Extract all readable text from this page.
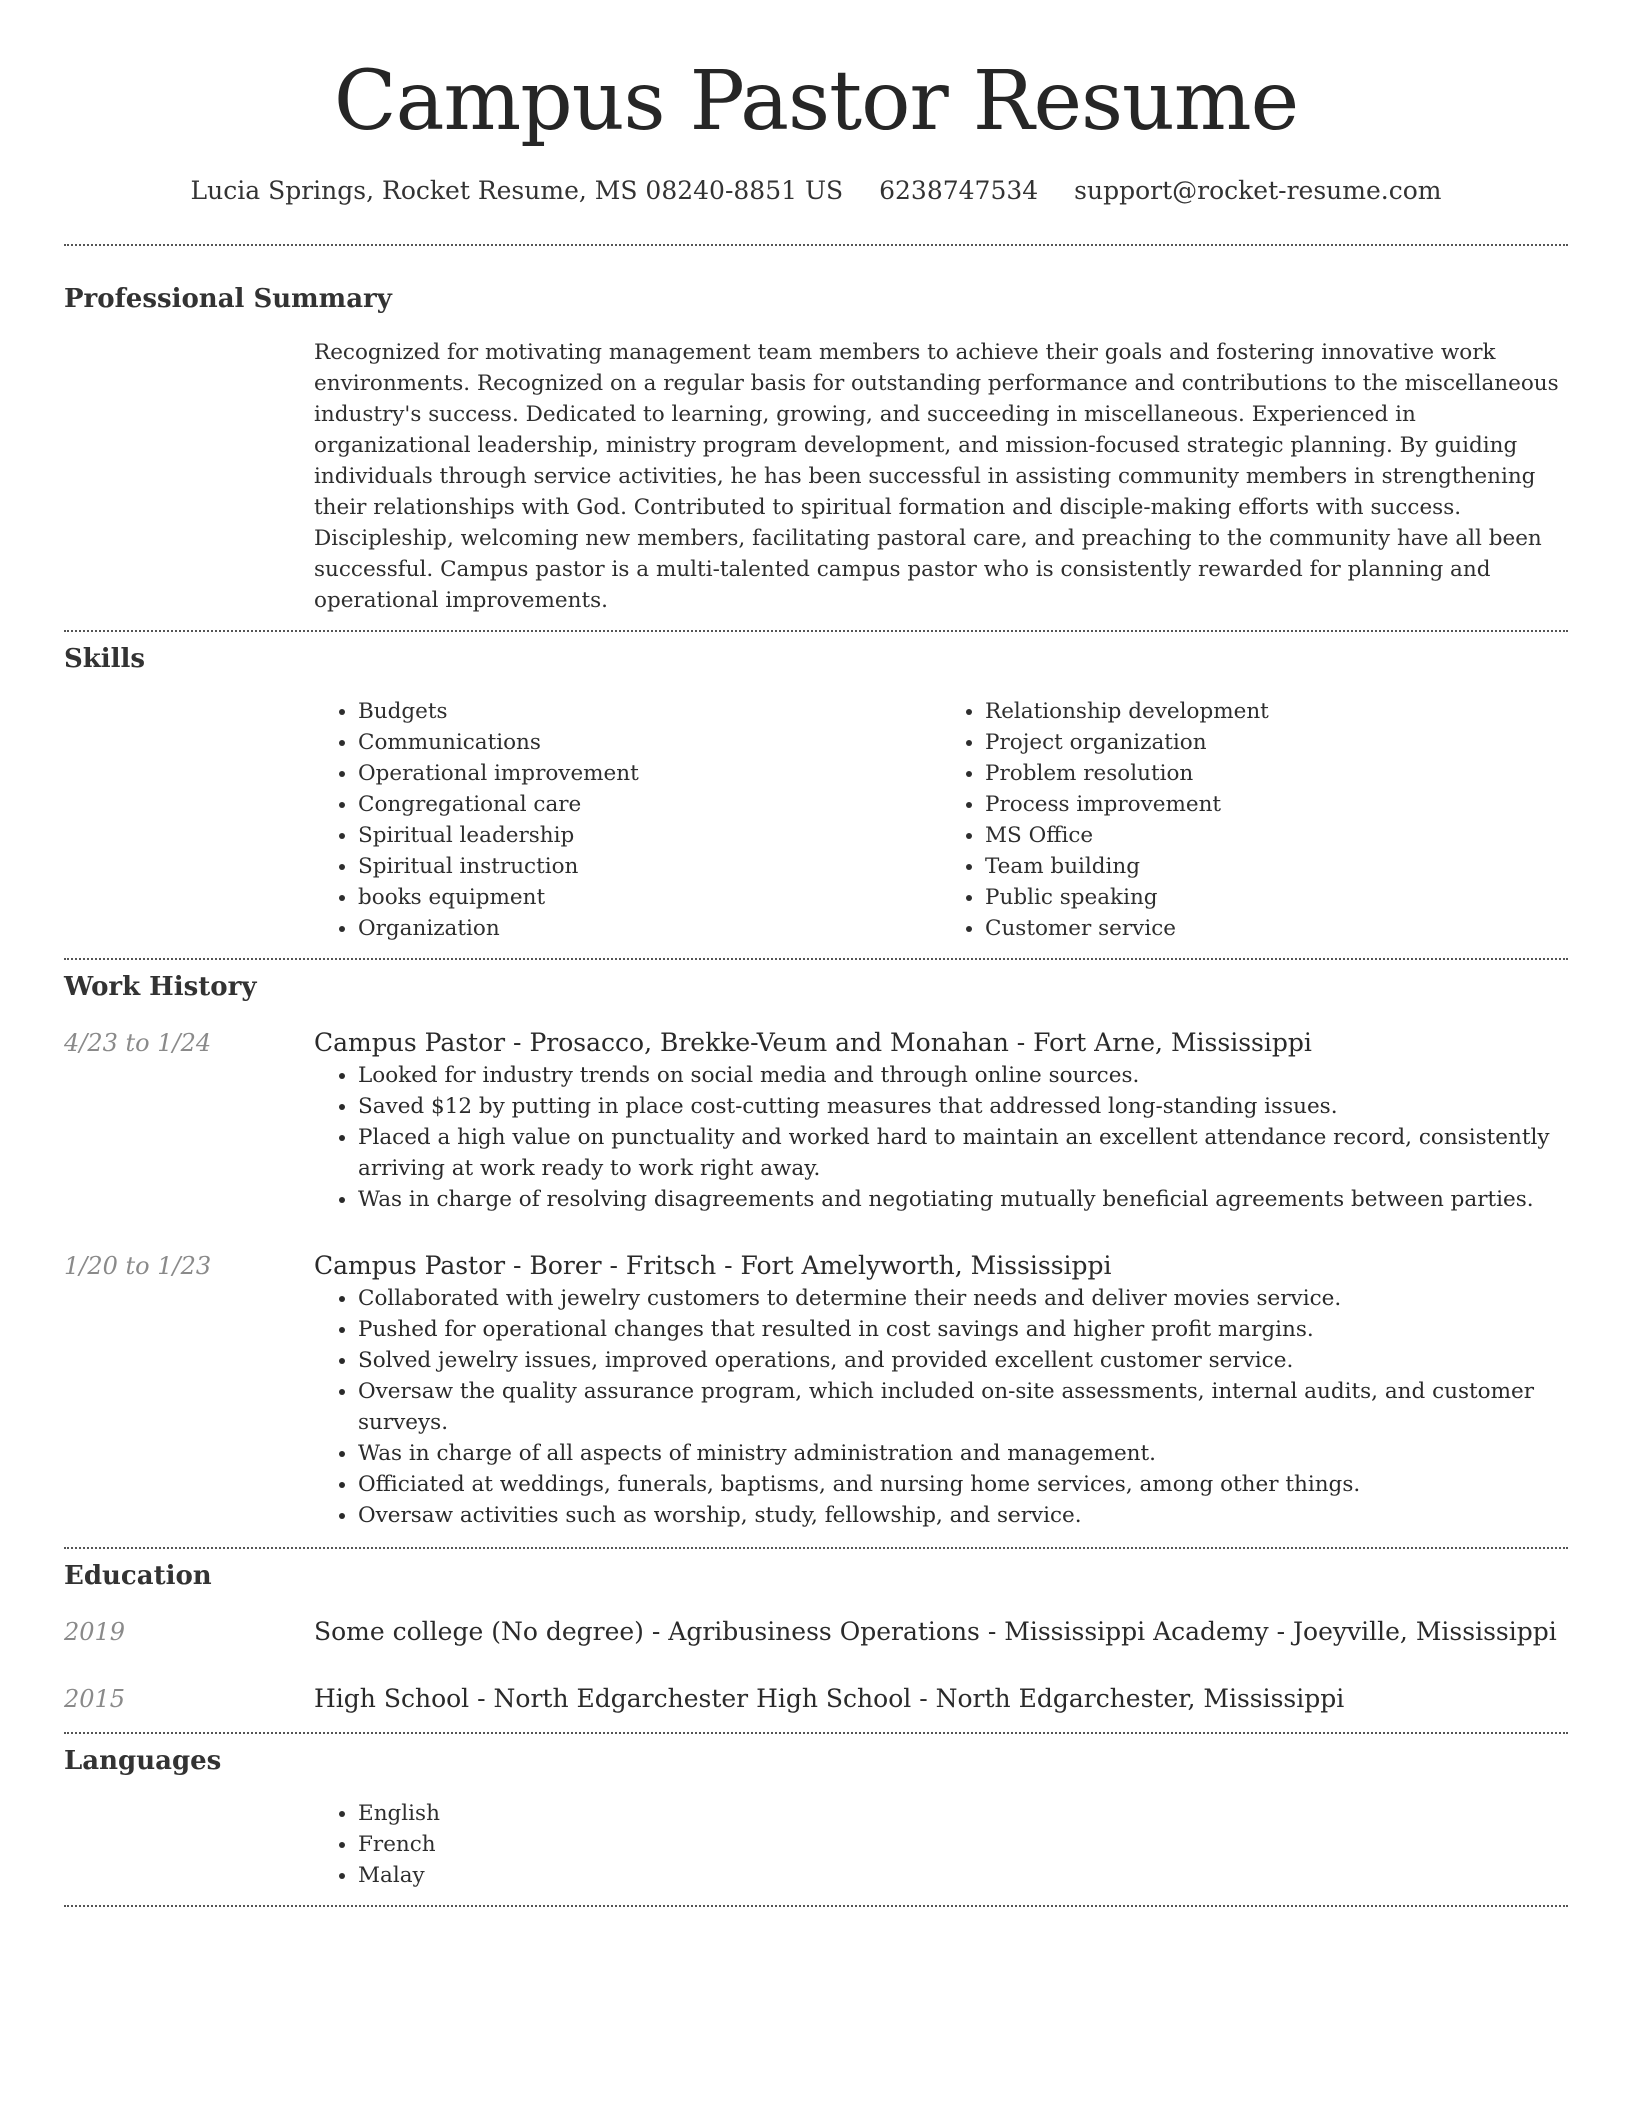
Campus Pastor Resume
Lucia Springs, Rocket Resume, MS 08240-8851 US 6238747534 support@rocket-resume.com
Professional Summary

Recognized for motivating management team members to achieve their goals and fostering innovative work environments. Recognized on a regular basis for outstanding performance and contributions to the miscellaneous industry's success. Dedicated to learning, growing, and succeeding in miscellaneous. Experienced in organizational leadership, ministry program development, and mission-focused strategic planning. By guiding individuals through service activities, he has been successful in assisting community members in strengthening their relationships with God. Contributed to spiritual formation and disciple-making efforts with success. Discipleship, welcoming new members, facilitating pastoral care, and preaching to the community have all been successful. Campus pastor is a multi-talented campus pastor who is consistently rewarded for planning and operational improvements.

Skills
• Budgets
• Communications
• Operational improvement
• Congregational care
• Spiritual leadership
• Spiritual instruction
• books equipment
• Organization
• Relationship development
• Project organization
• Problem resolution
• Process improvement
• MS Office
• Team building
• Public speaking
• Customer service
Work History
4/23 to 1/24	Campus Pastor - Prosacco, Brekke-Veum and Monahan - Fort Arne, Mississippi
• Looked for industry trends on social media and through online sources.
• Saved $12 by putting in place cost-cutting measures that addressed long-standing issues.
• Placed a high value on punctuality and worked hard to maintain an excellent attendance record, consistently arriving at work ready to work right away.
• Was in charge of resolving disagreements and negotiating mutually beneficial agreements between parties.
1/20 to 1/23	Campus Pastor - Borer - Fritsch - Fort Amelyworth, Mississippi
• Collaborated with jewelry customers to determine their needs and deliver movies service.
• Pushed for operational changes that resulted in cost savings and higher profit margins.
• Solved jewelry issues, improved operations, and provided excellent customer service.
• Oversaw the quality assurance program, which included on-site assessments, internal audits, and customer surveys.
• Was in charge of all aspects of ministry administration and management.
• Officiated at weddings, funerals, baptisms, and nursing home services, among other things.
• Oversaw activities such as worship, study, fellowship, and service.
Education
2019	Some college (No degree) - Agribusiness Operations - Mississippi Academy - Joeyville, Mississippi
2015	High School - North Edgarchester High School - North Edgarchester, Mississippi
Languages
• English
• French
• Malay
